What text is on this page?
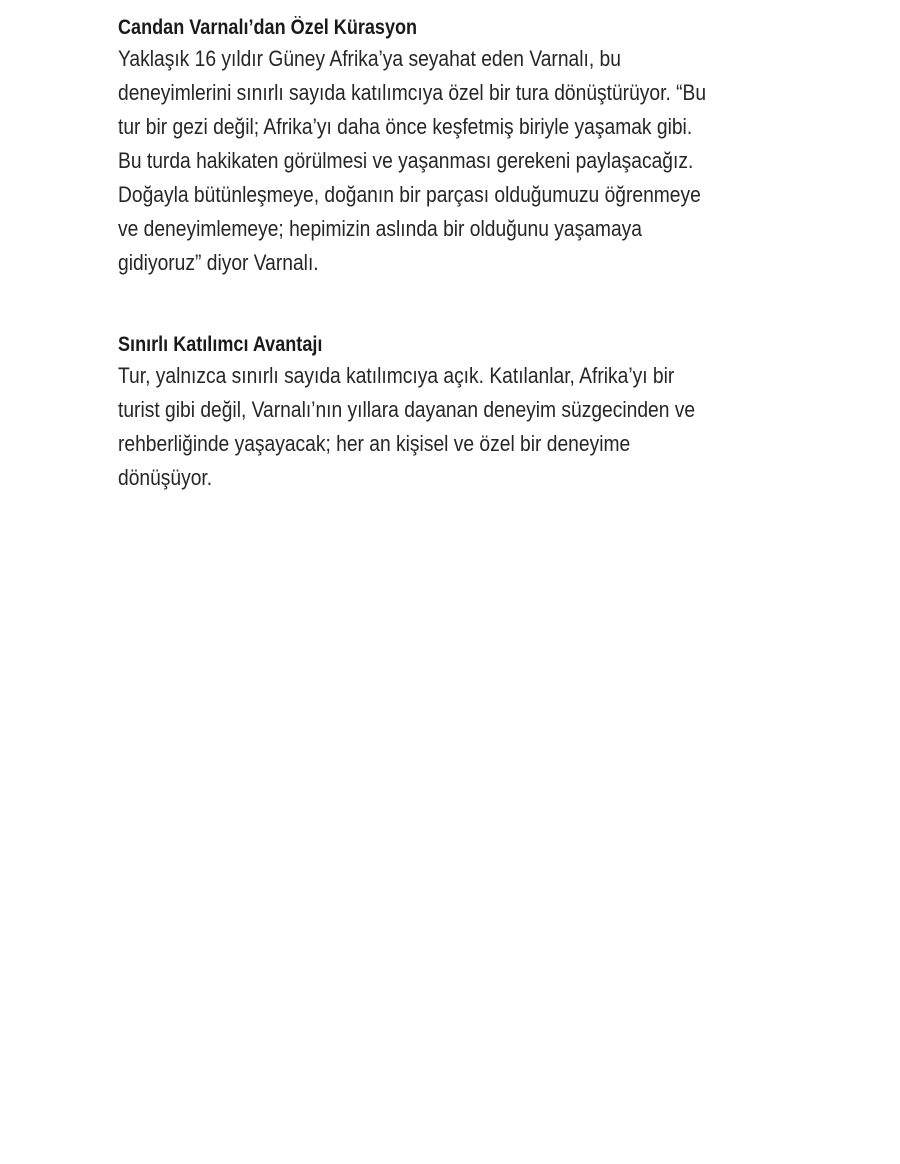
Candan Varnalı’dan Özel Kürasyon
Yaklaşık 16 yıldır Güney Afrika’ya seyahat eden Varnalı, bu
deneyimlerini sınırlı sayıda katılımcıya özel bir tura dönüştürüyor. “Bu
tur bir gezi değil; Afrika’yı daha önce keşfetmiş biriyle yaşamak gibi.
Bu turda hakikaten görülmesi ve yaşanması gerekeni paylaşacağız.
Doğayla bütünleşmeye, doğanın bir parçası olduğumuzu öğrenmeye
ve deneyimlemeye; hepimizin aslında bir olduğunu yaşamaya
gidiyoruz” diyor Varnalı.
Sınırlı Katılımcı Avantajı
Tur, yalnızca sınırlı sayıda katılımcıya açık. Katılanlar, Afrika’yı bir
turist gibi değil, Varnalı’nın yıllara dayanan deneyim süzgecinden ve
rehberliğinde yaşayacak; her an kişisel ve özel bir deneyime
dönüşüyor.
